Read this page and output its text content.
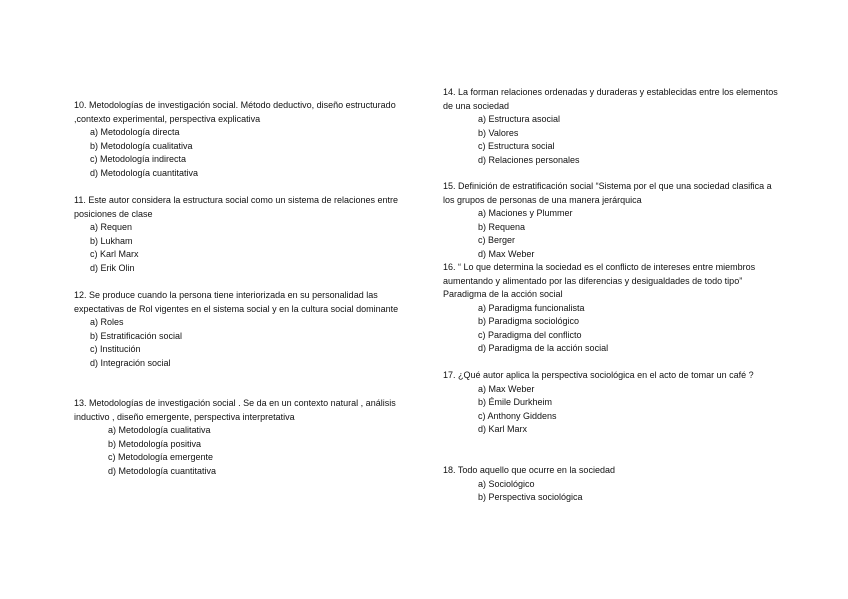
10. Metodologías de investigación social. Método deductivo, diseño estructurado ,contexto experimental, perspectiva explicativa

a) Metodología directa
b) Metodología cualitativa
c) Metodología indirecta
d) Metodología cuantitativa

11. Este autor considera la estructura social como un sistema de relaciones entre posiciones de clase

a) Requen
b) Lukham
c) Karl Marx
d) Erik Olin

12. Se produce cuando la persona tiene interiorizada en su personalidad las expectativas de Rol vigentes en el sistema social y en la cultura social dominante

a) Roles
b) Estratificación social
c) Institución
d) Integración social

13. Metodologías de investigación social . Se da en un contexto natural , análisis inductivo , diseño emergente, perspectiva interpretativa

a) Metodología cualitativa
b) Metodología positiva
c) Metodología emergente
d) Metodología cuantitativa

14. La forman relaciones ordenadas y duraderas y establecidas entre los elementos de una sociedad

a) Estructura asocial
b) Valores
c) Estructura social
d) Relaciones personales

15. Definición de estratificación social “Sistema por el que una sociedad clasifica a los grupos de personas de una manera jerárquica

a) Maciones y Plummer
b) Requena
c) Berger
d) Max Weber

16. “ Lo que determina la sociedad es el conflicto de intereses entre miembros aumentando y alimentado por las diferencias y desigualdades de todo tipo” Paradigma de la acción social

a) Paradigma funcionalista
b) Paradigma sociológico
c) Paradigma del conflicto
d) Paradigma de la acción social

17. ¿Qué autor aplica la perspectiva sociológica en el acto de tomar un café ?

a) Max Weber
b) Émile Durkheim
c) Anthony Giddens
d) Karl Marx

18. Todo aquello que ocurre en la sociedad

a) Sociológico
b) Perspectiva sociológica
